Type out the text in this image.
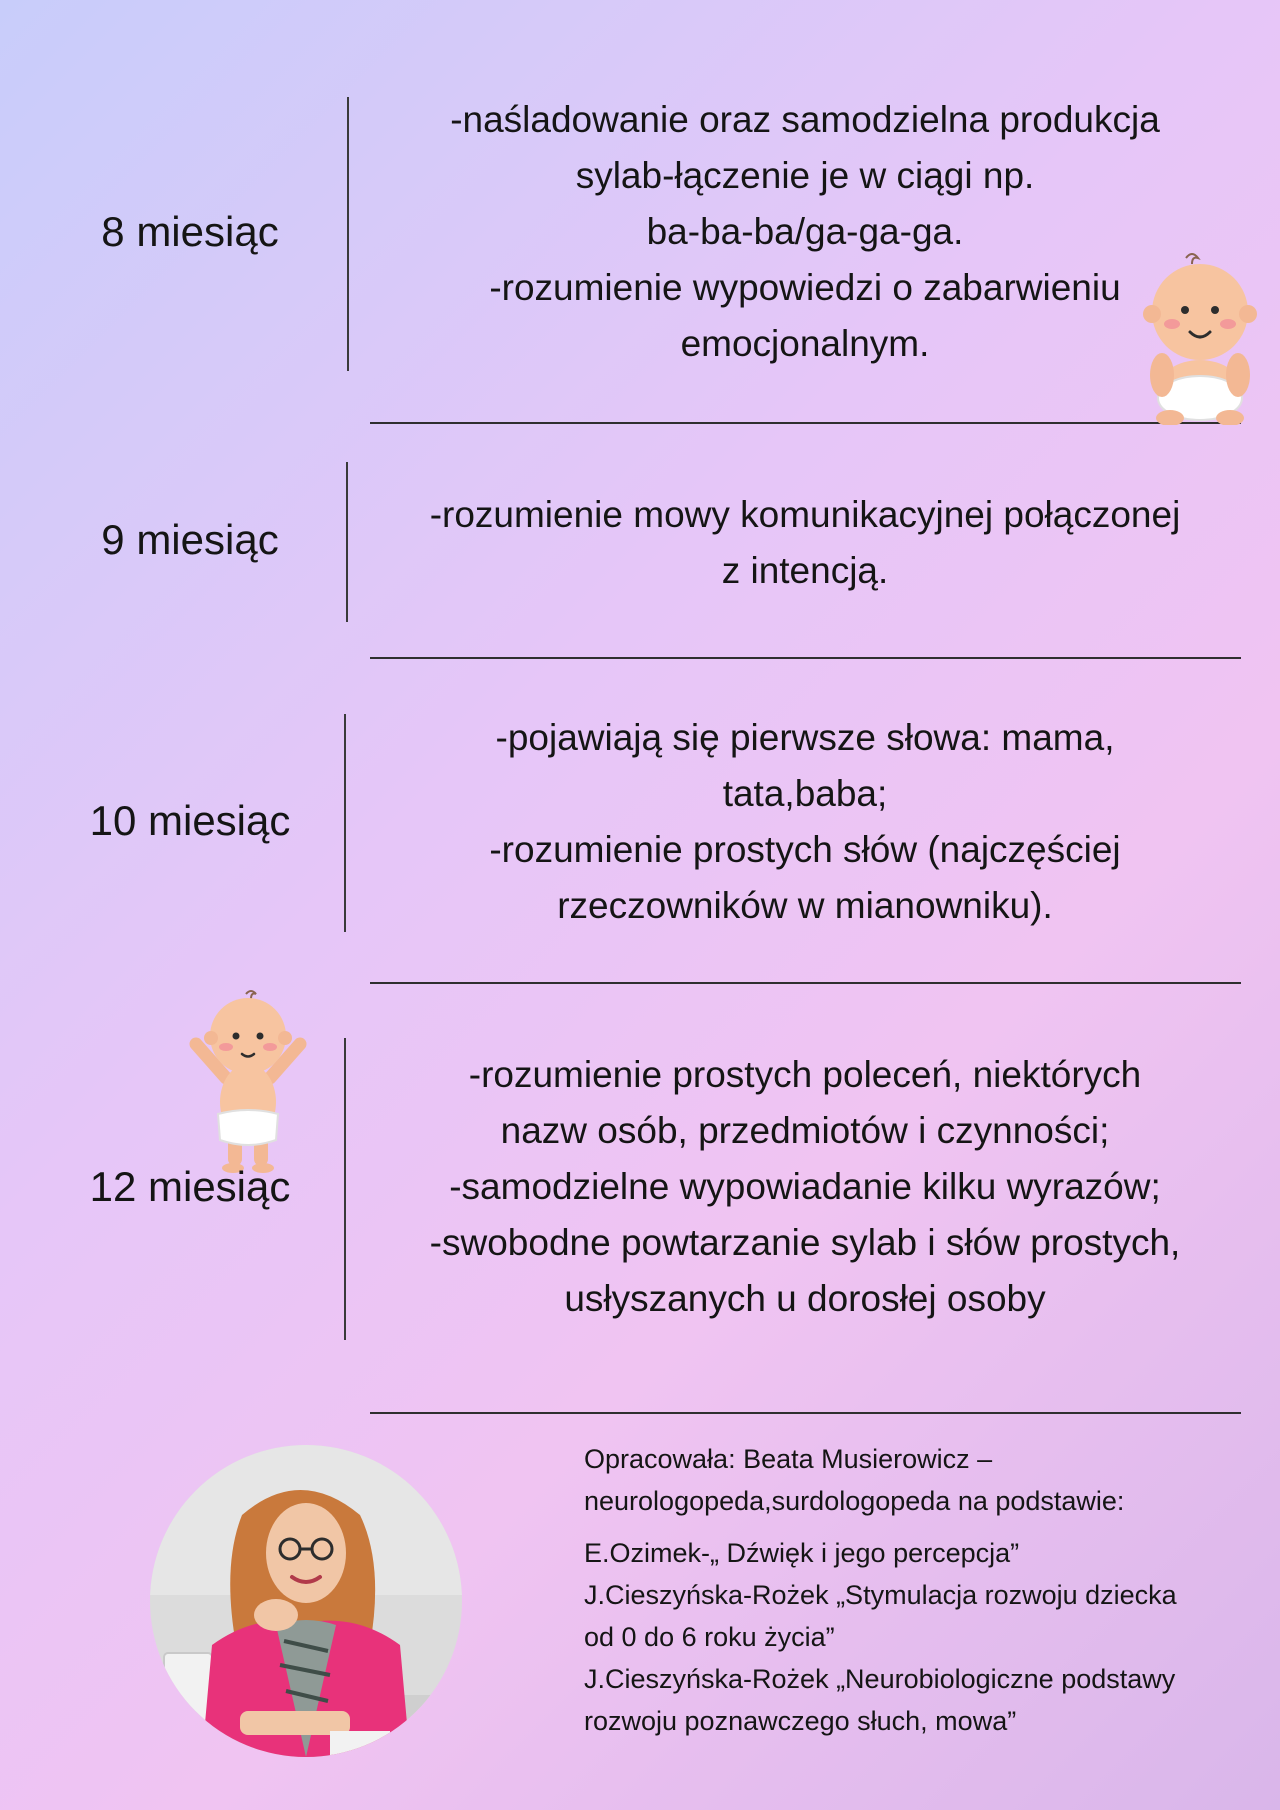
8 miesiąc
-naśladowanie oraz samodzielna produkcja
sylab-łączenie je w ciągi np.
ba-ba-ba/ga-ga-ga.
-rozumienie wypowiedzi o zabarwieniu
emocjonalnym.
9 miesiąc
-rozumienie mowy komunikacyjnej połączonej
z intencją.
10 miesiąc
-pojawiają się pierwsze słowa: mama,
tata,baba;
-rozumienie prostych słów (najczęściej
rzeczowników w mianowniku).
12 miesiąc
-rozumienie prostych poleceń, niektórych
nazw osób, przedmiotów i czynności;
-samodzielne wypowiadanie kilku wyrazów;
-swobodne powtarzanie sylab i słów prostych,
usłyszanych u dorosłej osoby
Opracowała: Beata Musierowicz –
neurologopeda,surdologopeda na podstawie:
E.Ozimek-„ Dźwięk i jego percepcja”
J.Cieszyńska-Rożek „Stymulacja rozwoju dziecka
od 0 do 6 roku życia”
J.Cieszyńska-Rożek „Neurobiologiczne podstawy
rozwoju poznawczego słuch, mowa”
